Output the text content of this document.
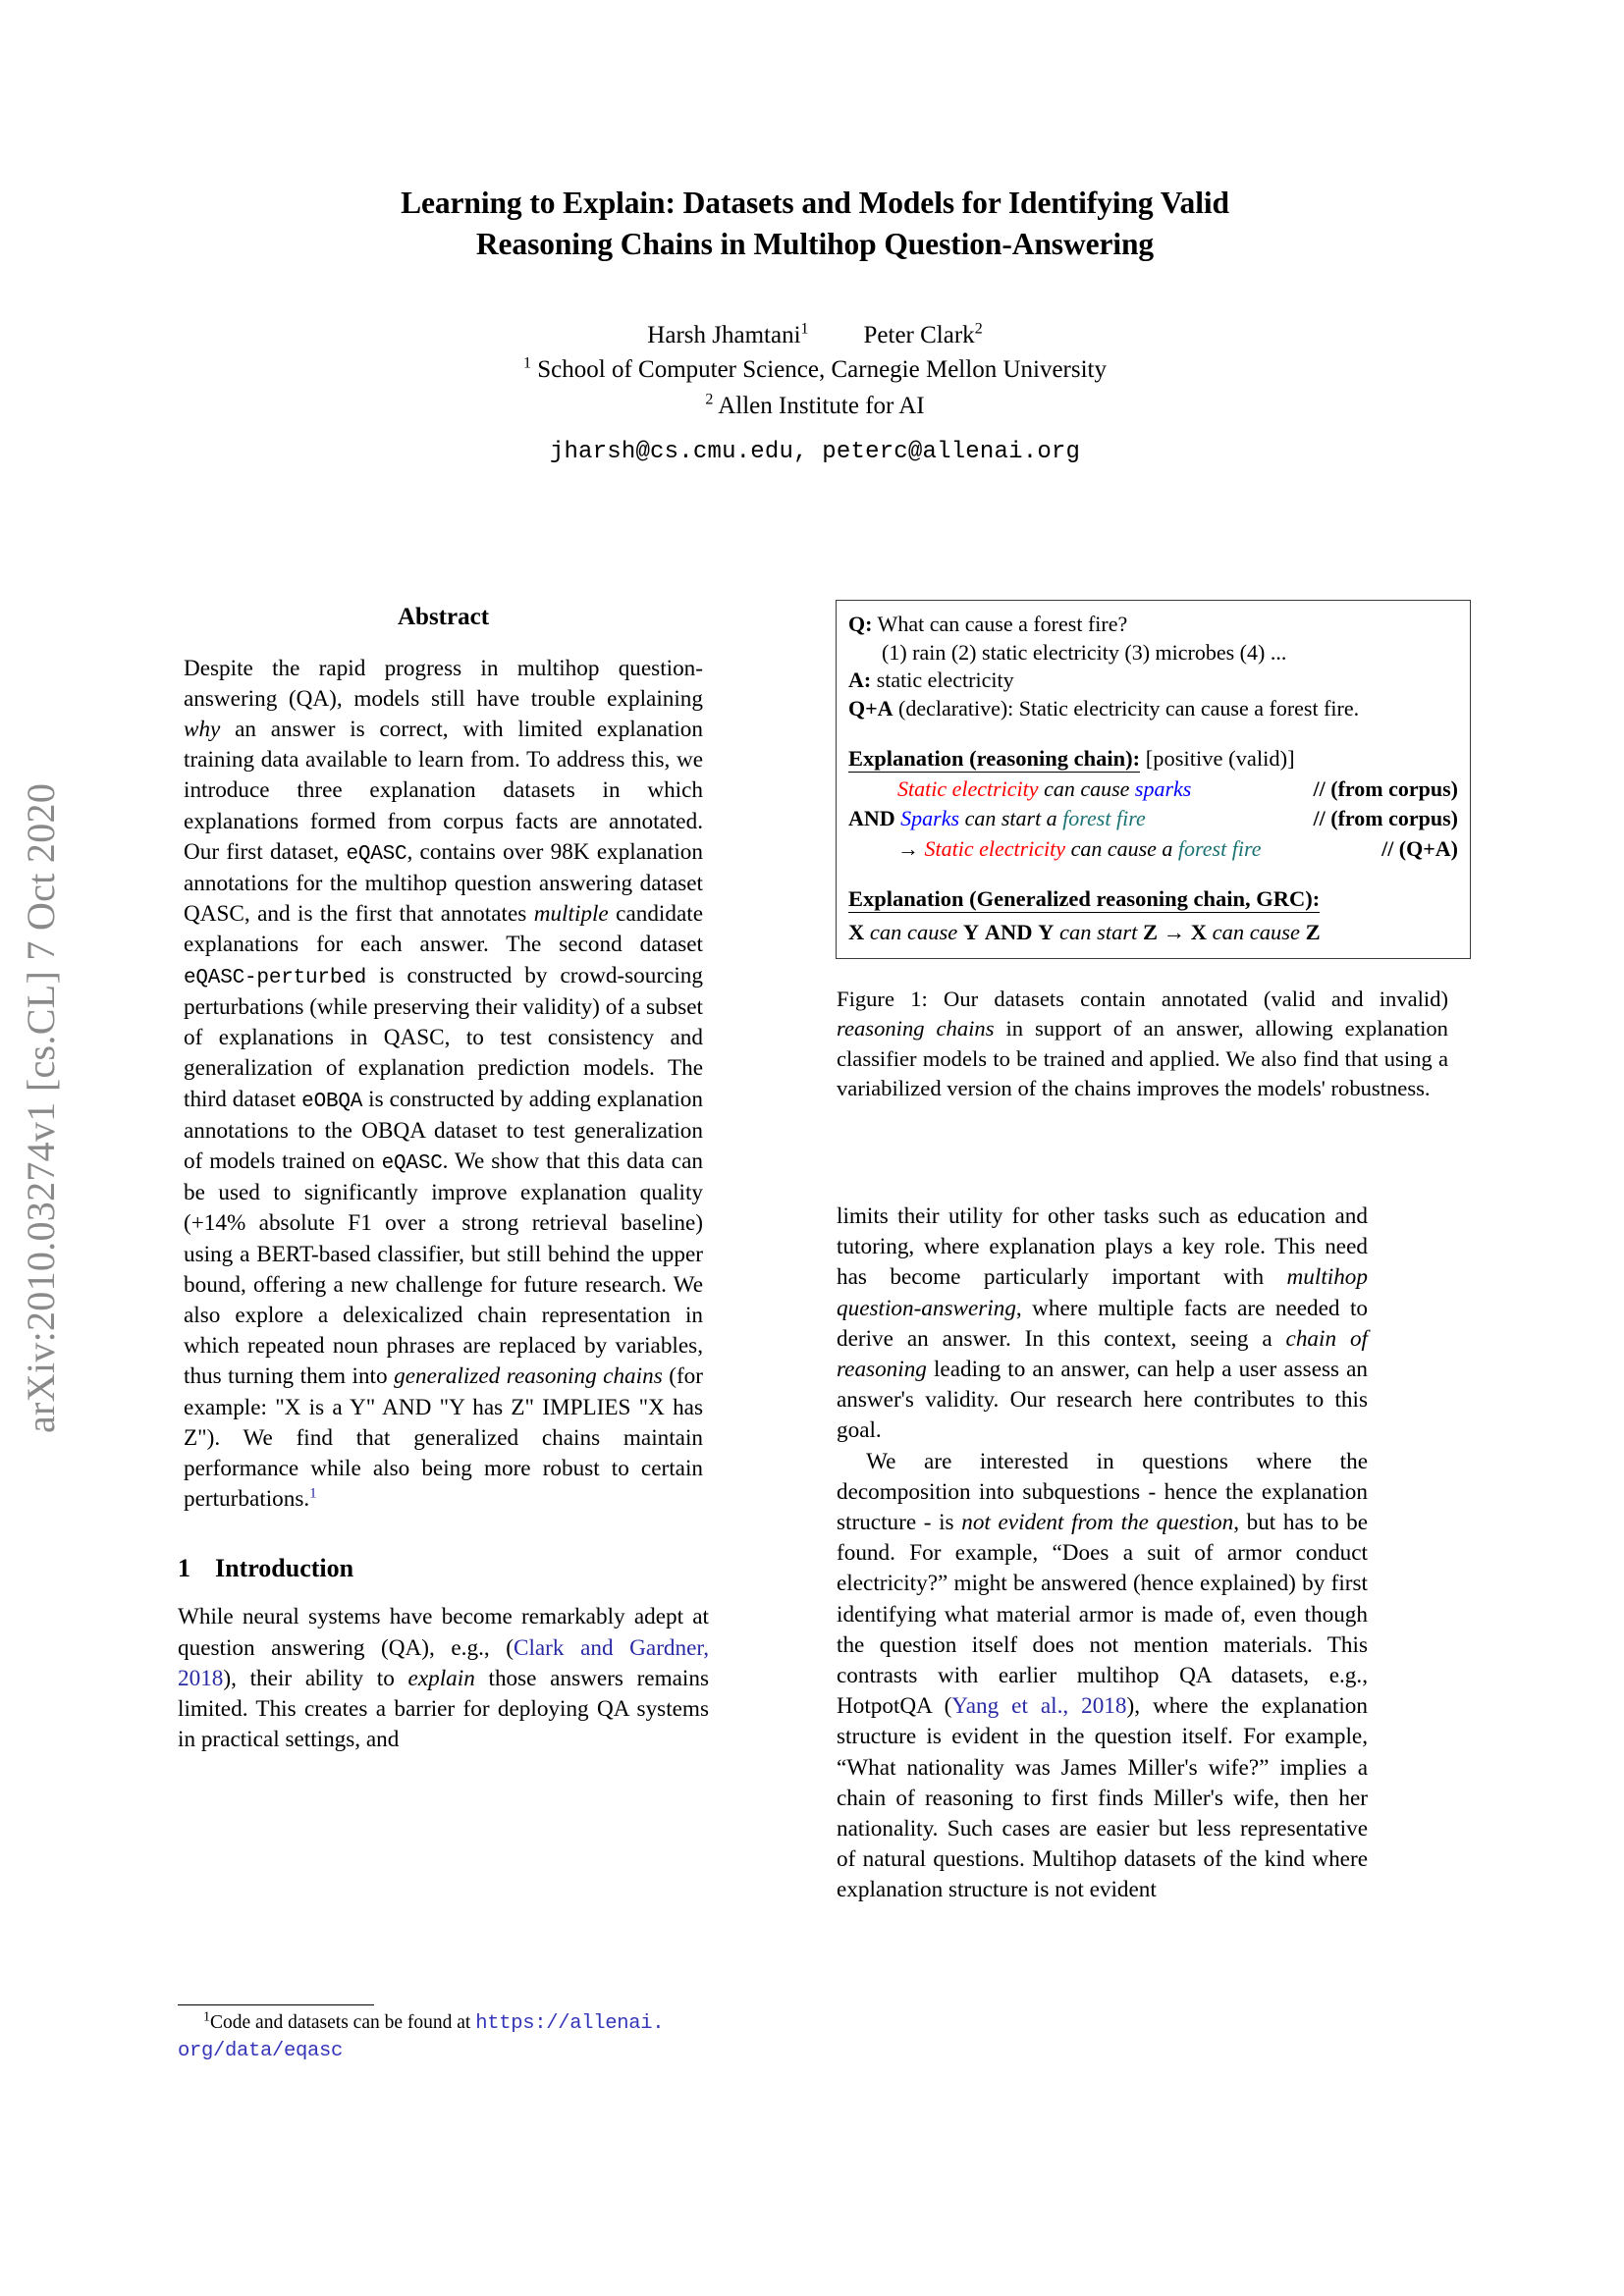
arXiv:2010.03274v1 [cs.CL] 7 Oct 2020
Learning to Explain: Datasets and Models for Identifying Valid
Reasoning Chains in Multihop Question-Answering
Harsh Jhamtani$^1$ Peter Clark$^2$
$^1$ School of Computer Science, Carnegie Mellon University
$^2$ Allen Institute for AI
jharsh@cs.cmu.edu, peterc@allenai.org
Abstract

Despite the rapid progress in multihop question-answering (QA), models still have trouble explaining why an answer is correct, with limited explanation training data available to learn from. To address this, we introduce three explanation datasets in which explanations formed from corpus facts are annotated. Our first dataset, eQASC, contains over 98K explanation annotations for the multihop question answering dataset QASC, and is the first that annotates multiple candidate explanations for each answer. The second dataset eQASC-perturbed is constructed by crowd-sourcing perturbations (while preserving their validity) of a subset of explanations in QASC, to test consistency and generalization of explanation prediction models. The third dataset eOBQA is constructed by adding explanation annotations to the OBQA dataset to test generalization of models trained on eQASC. We show that this data can be used to significantly improve explanation quality (+14% absolute F1 over a strong retrieval baseline) using a BERT-based classifier, but still behind the upper bound, offering a new challenge for future research. We also explore a delexicalized chain representation in which repeated noun phrases are replaced by variables, thus turning them into generalized reasoning chains (for example: "X is a Y" AND "Y has Z" IMPLIES "X has Z"). We find that generalized chains maintain performance while also being more robust to certain perturbations.$^1$

1 Introduction

While neural systems have become remarkably adept at question answering (QA), e.g., (Clark and Gardner, 2018), their ability to explain those answers remains limited. This creates a barrier for deploying QA systems in practical settings, and

$^1$Code and datasets can be found at https://allenai.
org/data/eqasc
Q: What can cause a forest fire?
(1) rain (2) static electricity (3) microbes (4) ...
A: static electricity
Q+A (declarative): Static electricity can cause a forest fire.
Explanation (reasoning chain): [positive (valid)]
Static electricity can cause sparks	// (from corpus)
AND Sparks can start a forest fire	// (from corpus)
→ Static electricity can cause a forest fire	// (Q+A)
Explanation (Generalized reasoning chain, GRC):
X can cause Y AND Y can start Z → X can cause Z
Figure 1: Our datasets contain annotated (valid and invalid) reasoning chains in support of an answer, allowing explanation classifier models to be trained and applied. We also find that using a variabilized version of the chains improves the models' robustness.

limits their utility for other tasks such as education and tutoring, where explanation plays a key role. This need has become particularly important with multihop question-answering, where multiple facts are needed to derive an answer. In this context, seeing a chain of reasoning leading to an answer, can help a user assess an answer's validity. Our research here contributes to this goal.

We are interested in questions where the decomposition into subquestions - hence the explanation structure - is not evident from the question, but has to be found. For example, “Does a suit of armor conduct electricity?” might be answered (hence explained) by first identifying what material armor is made of, even though the question itself does not mention materials. This contrasts with earlier multihop QA datasets, e.g., HotpotQA (Yang et al., 2018), where the explanation structure is evident in the question itself. For example, “What nationality was James Miller's wife?” implies a chain of reasoning to first finds Miller's wife, then her nationality. Such cases are easier but less representative of natural questions. Multihop datasets of the kind where explanation structure is not evident
